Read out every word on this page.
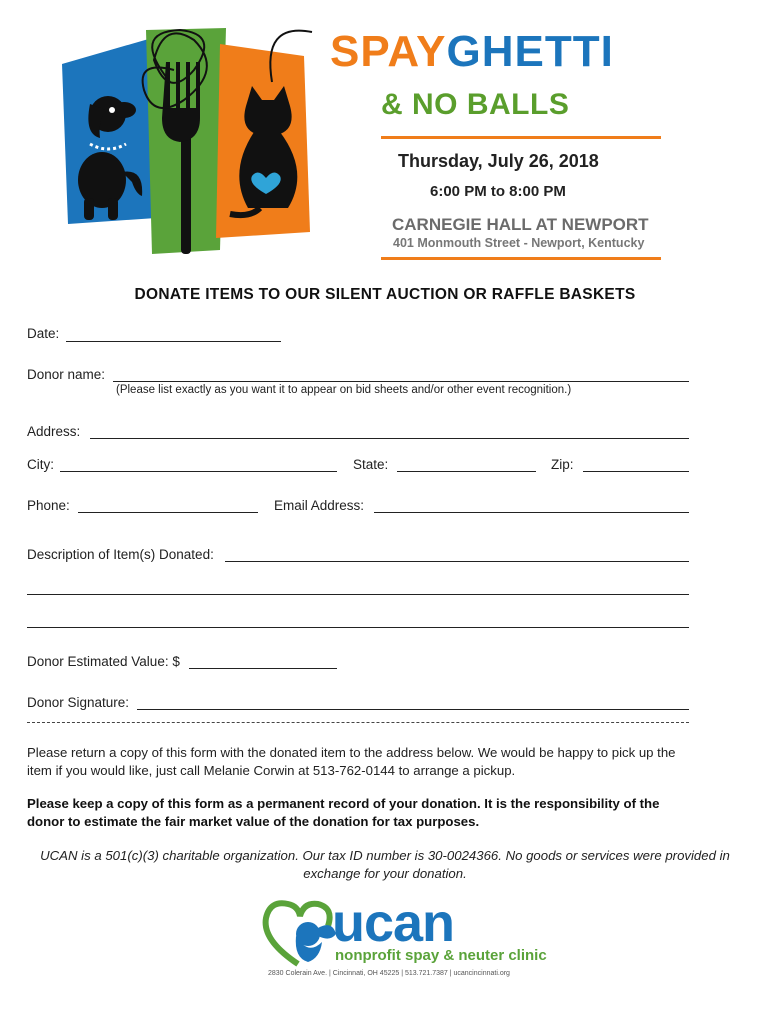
SPAYGHETTI
& NO BALLS
Thursday, July 26, 2018
6:00 PM to 8:00 PM
CARNEGIE HALL AT NEWPORT
401 Monmouth Street - Newport, Kentucky
DONATE ITEMS TO OUR SILENT AUCTION OR RAFFLE BASKETS
Date:
Donor name:
(Please list exactly as you want it to appear on bid sheets and/or other event recognition.)
Address:
City:	State:	Zip:
Phone:	Email Address:
Description of Item(s) Donated:
Donor Estimated Value: $
Donor Signature:
Please return a copy of this form with the donated item to the address below. We would be happy to pick up the item if you would like, just call Melanie Corwin at 513-762-0144 to arrange a pickup.
Please keep a copy of this form as a permanent record of your donation. It is the responsibility of the donor to estimate the fair market value of the donation for tax purposes.
UCAN is a 501(c)(3) charitable organization. Our tax ID number is 30-0024366. No goods or services were provided in exchange for your donation.
ucan
nonprofit spay & neuter clinic
2830 Colerain Ave. | Cincinnati, OH 45225 | 513.721.7387 | ucancincinnati.org
